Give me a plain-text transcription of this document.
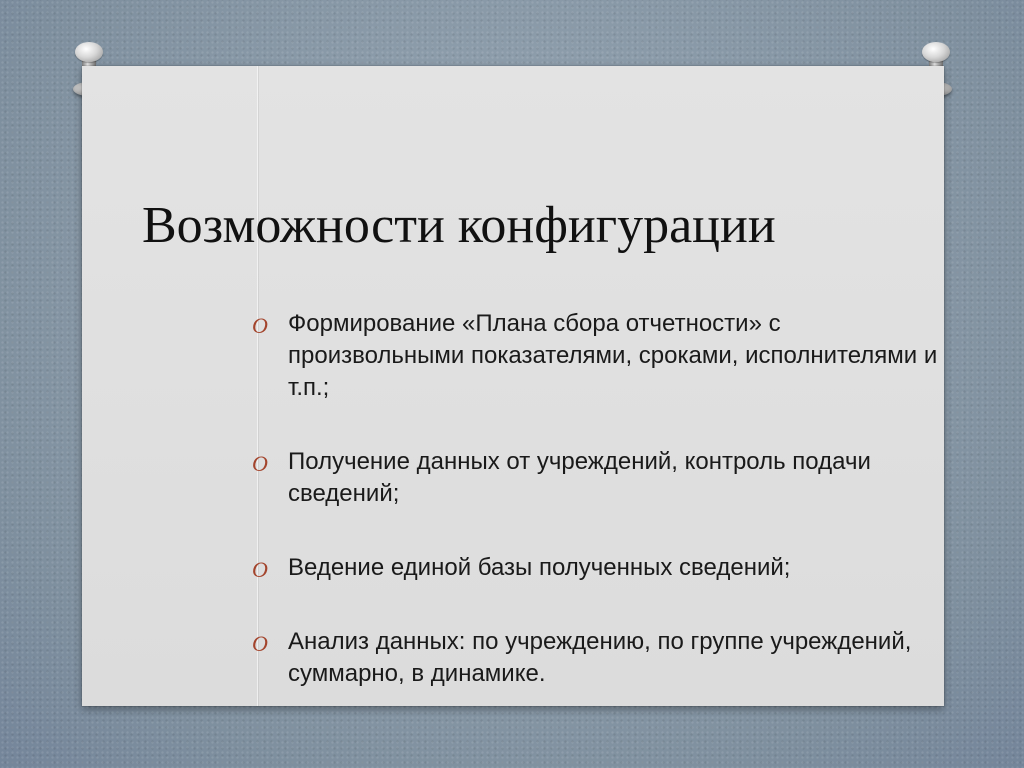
Возможности конфигурации
O Формирование «Плана сбора отчетности» с произвольными показателями, сроками, исполнителями и т.п.;
O Получение данных от учреждений, контроль подачи сведений;
O Ведение единой базы полученных сведений;
O Анализ данных: по учреждению, по группе учреждений, суммарно, в динамике.
